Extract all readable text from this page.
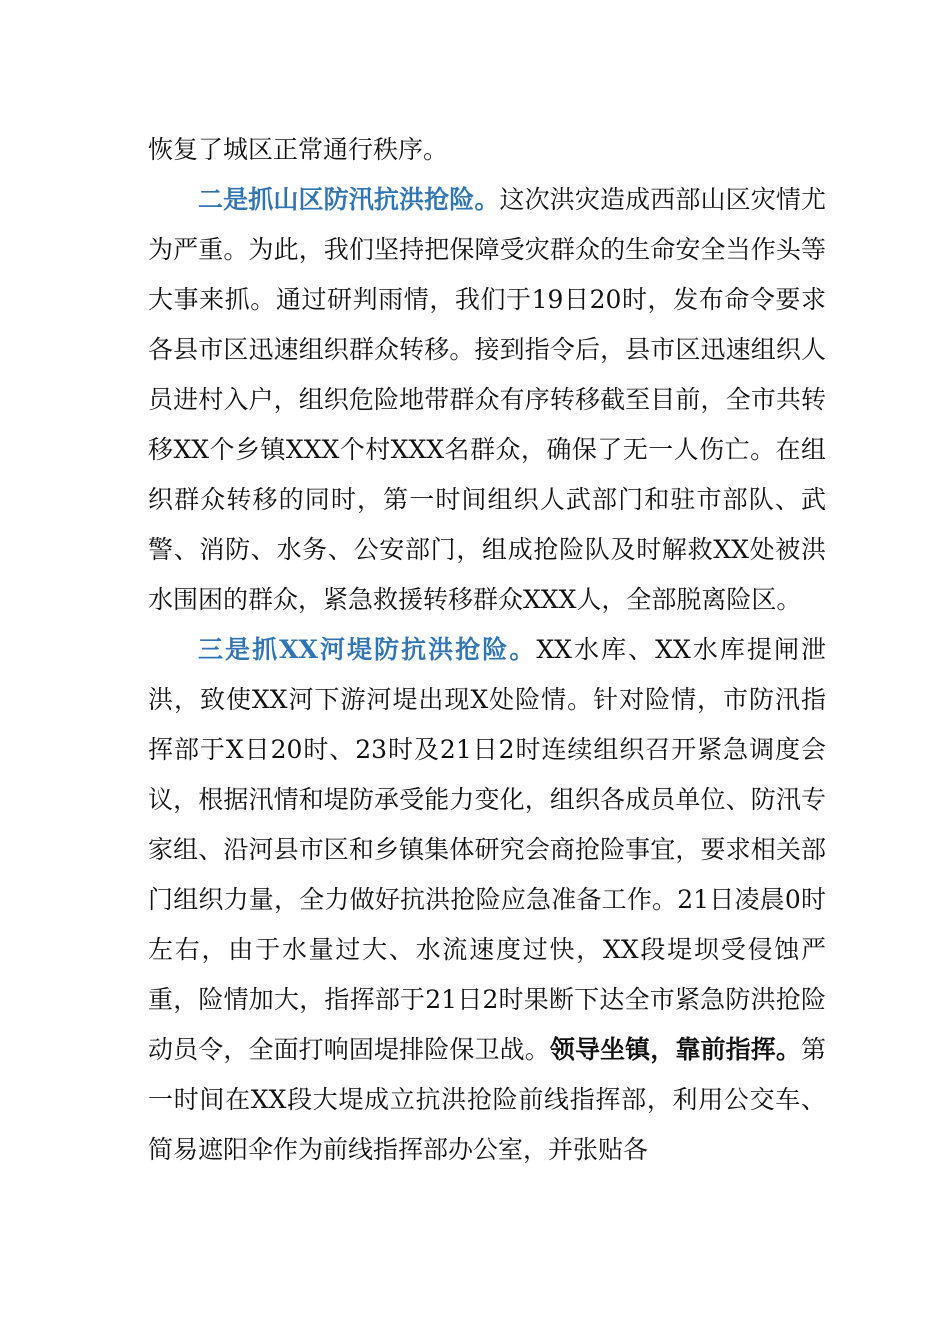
恢复了城区正常通行秩序。

二是抓山区防汛抗洪抢险。这次洪灾造成西部山区灾情尤为严重。为此，我们坚持把保障受灾群众的生命安全当作头等大事来抓。通过研判雨情，我们于19日20时，发布命令要求各县市区迅速组织群众转移。接到指令后，县市区迅速组织人员进村入户，组织危险地带群众有序转移截至目前，全市共转移XX个乡镇XXX个村XXX名群众，确保了无一人伤亡。在组织群众转移的同时，第一时间组织人武部门和驻市部队、武警、消防、水务、公安部门，组成抢险队及时解救XX处被洪水围困的群众，紧急救援转移群众XXX人，全部脱离险区。

三是抓XX河堤防抗洪抢险。XX水库、XX水库提闸泄洪，致使XX河下游河堤出现X处险情。针对险情，市防汛指挥部于X日20时、23时及21日2时连续组织召开紧急调度会议，根据汛情和堤防承受能力变化，组织各成员单位、防汛专家组、沿河县市区和乡镇集体研究会商抢险事宜，要求相关部门组织力量，全力做好抗洪抢险应急准备工作。21日凌晨0时左右，由于水量过大、水流速度过快，XX段堤坝受侵蚀严重，险情加大，指挥部于21日2时果断下达全市紧急防洪抢险动员令，全面打响固堤排险保卫战。领导坐镇，靠前指挥。第一时间在XX段大堤成立抗洪抢险前线指挥部，利用公交车、简易遮阳伞作为前线指挥部办公室，并张贴各
